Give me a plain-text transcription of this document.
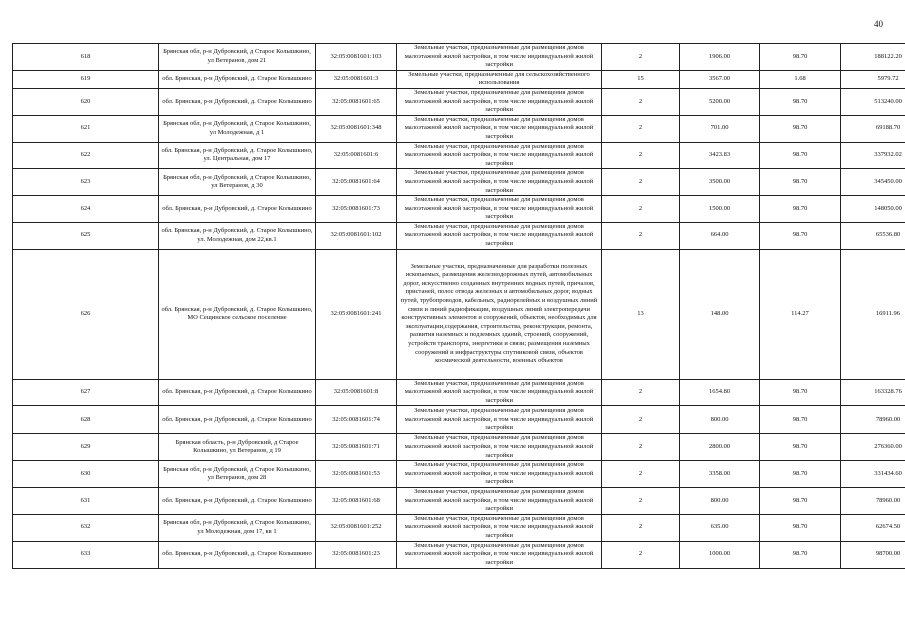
40
618	Брянская обл, р-н Дубровский, д Старое Колышкино, ул Ветеранов, дом 21	32:05:0081601:103	Земельные участки, предназначенные для размещения домов малоэтажной жилой застройки, в том числе индивидуальной жилой застройки	2	1906.00	98.70	188122.20
619	обл. Брянская, р-н Дубровский, д. Старое Колышкино	32:05:0081601:3	Земельные участки, предназначенные для сельскохозяйственного использования	15	3567.00	1.68	5979.72
620	обл. Брянская, р-н Дубровский, д. Старое Колышкино	32:05:0081601:65	Земельные участки, предназначенные для размещения домов малоэтажной жилой застройки, в том числе индивидуальной жилой застройки	2	5200.00	98.70	513240.00
621	Брянская обл, р-н Дубровский, д Старое Колышкино, ул Молодежная, д 1	32:05:0081601:348	Земельные участки, предназначенные для размещения домов малоэтажной жилой застройки, в том числе индивидуальной жилой застройки	2	701.00	98.70	69188.70
622	обл. Брянская, р-н Дубровский, д. Старое Колышкино, ул. Центральная, дом 17	32:05:0081601:6	Земельные участки, предназначенные для размещения домов малоэтажной жилой застройки, в том числе индивидуальной жилой застройки	2	3423.83	98.70	337932.02
623	Брянская обл, р-н Дубровский, д Старое Колышкино, ул Ветеранов, д 30	32:05:0081601:64	Земельные участки, предназначенные для размещения домов малоэтажной жилой застройки, в том числе индивидуальной жилой застройки	2	3500.00	98.70	345450.00
624	обл. Брянская, р-н Дубровский, д. Старое Колышкино	32:05:0081601:73	Земельные участки, предназначенные для размещения домов малоэтажной жилой застройки, в том числе индивидуальной жилой застройки	2	1500.00	98.70	148050.00
625	обл. Брянская, р-н Дубровский, д. Старое Колышкино, ул. Молодежная, дом 22,кв.1	32:05:0081601:102	Земельные участки, предназначенные для размещения домов малоэтажной жилой застройки, в том числе индивидуальной жилой застройки	2	664.00	98.70	65536.80
626	обл. Брянская, р-н Дубровский, д. Старое Колышкино, МО Сещинское сельское поселение	32:05:0081601:241	Земельные участки, предназначенные для разработки полезных ископаемых, размещения железнодорожных путей, автомобильных дорог, искусственно созданных внутренних водных путей, причалов, пристаней, полос отвода железных и автомобильных дорог, водных путей, трубопроводов, кабельных, радиорелейных и воздушных линий связи и линий радиофикации, воздушных линий электропередачи конструктивных элементов и сооружений, объектов, необходимых для эксплуатации,содержания, строительства, реконструкции, ремонта, развития наземных и подземных зданий, строений, сооружений, устройств транспорта, энергетики и связи; размещения наземных сооружений и инфраструктуры спутниковой связи, объектов космической деятельности, военных объектов	13	148.00	114.27	16911.96
627	обл. Брянская, р-н Дубровский, д. Старое Колышкино	32:05:0081601:8	Земельные участки, предназначенные для размещения домов малоэтажной жилой застройки, в том числе индивидуальной жилой застройки	2	1654.80	98.70	163328.76
628	обл. Брянская, р-н Дубровский, д. Старое Колышкино	32:05:0081601:74	Земельные участки, предназначенные для размещения домов малоэтажной жилой застройки, в том числе индивидуальной жилой застройки	2	800.00	98.70	78960.00
629	Брянская область, р-н Дубровский, д Старое Колышкино, ул Ветеранов, д 19	32:05:0081601:71	Земельные участки, предназначенные для размещения домов малоэтажной жилой застройки, в том числе индивидуальной жилой застройки	2	2800.00	98.70	276360.00
630	Брянская обл, р-н Дубровский, д Старое Колышкино, ул Ветеранов, дом 28	32:05:0081601:53	Земельные участки, предназначенные для размещения домов малоэтажной жилой застройки, в том числе индивидуальной жилой застройки	2	3358.00	98.70	331434.60
631	обл. Брянская, р-н Дубровский, д. Старое Колышкино	32:05:0081601:68	Земельные участки, предназначенные для размещения домов малоэтажной жилой застройки, в том числе индивидуальной жилой застройки	2	800.00	98.70	78960.00
632	Брянская обл, р-н Дубровский, д Старое Колышкино, ул Молодежная, дом 17, кв 1	32:05:0081601:252	Земельные участки, предназначенные для размещения домов малоэтажной жилой застройки, в том числе индивидуальной жилой застройки	2	635.00	98.70	62674.50
633	обл. Брянская, р-н Дубровский, д. Старое Колышкино	32:05:0081601:23	Земельные участки, предназначенные для размещения домов малоэтажной жилой застройки, в том числе индивидуальной жилой застройки	2	1000.00	98.70	98700.00
